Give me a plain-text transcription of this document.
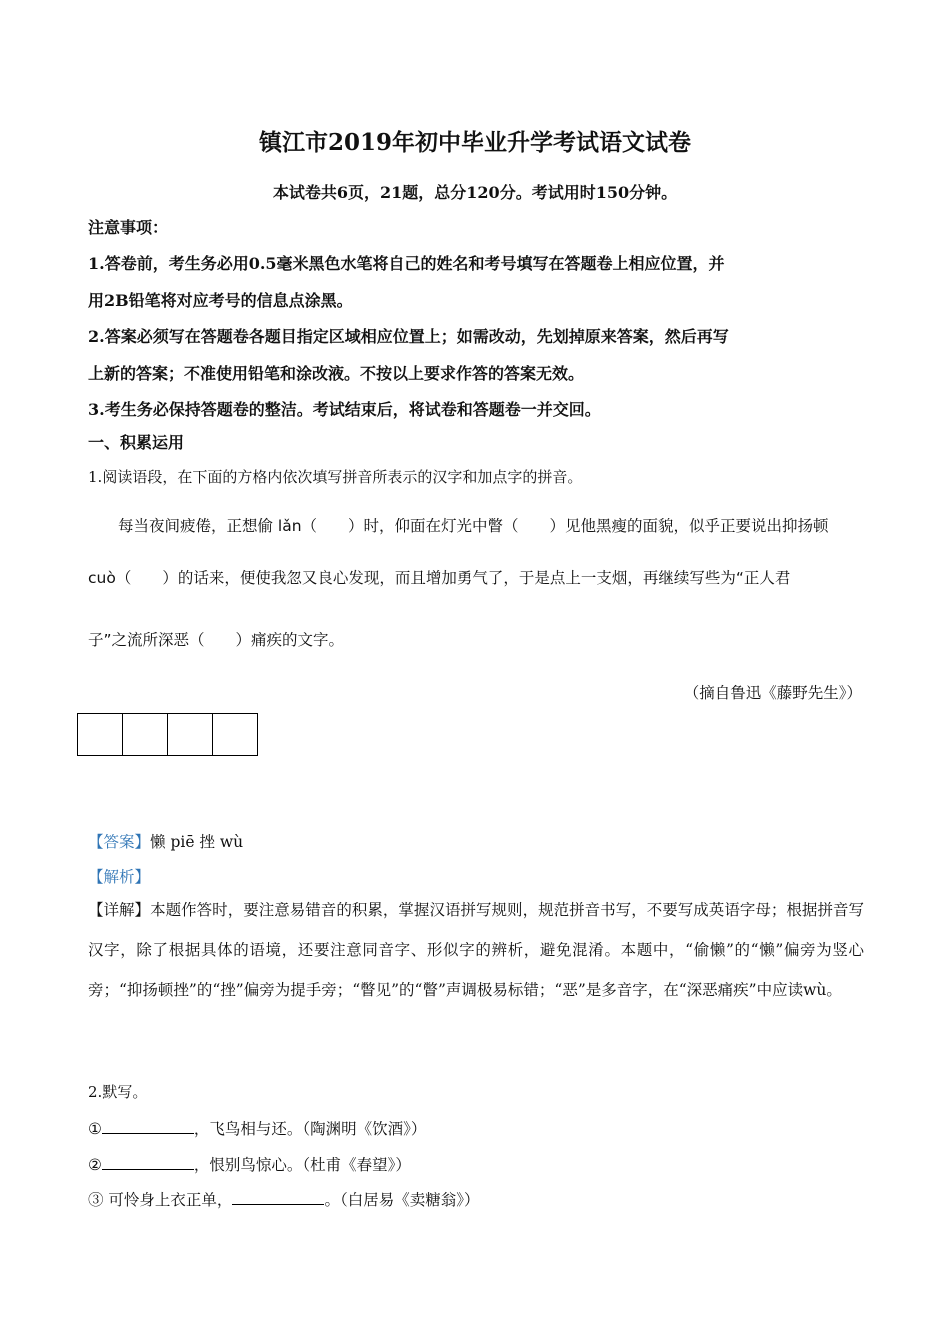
镇江市2019年初中毕业升学考试语文试卷
本试卷共6页，21题，总分120分。考试用时150分钟。
注意事项：
1.答卷前，考生务必用0.5毫米黑色水笔将自己的姓名和考号填写在答题卷上相应位置，并
用2B铅笔将对应考号的信息点涂黑。
2.答案必须写在答题卷各题目指定区域相应位置上；如需改动，先划掉原来答案，然后再写
上新的答案；不准使用铅笔和涂改液。不按以上要求作答的答案无效。
3.考生务必保持答题卷的整洁。考试结束后，将试卷和答题卷一并交回。
一、积累运用
1.阅读语段，在下面的方格内依次填写拼音所表示的汉字和加点字的拼音。
每当夜间疲倦，正想偷 lǎn（　　）时，仰面在灯光中瞥（　　）见他黑瘦的面貌，似乎正要说出抑扬顿
cuò（　　）的话来，便使我忽又良心发现，而且增加勇气了，于是点上一支烟，再继续写些为“正人君
子”之流所深恶（　　）痛疾的文字。
（摘自鲁迅《藤野先生》）
【答案】懒 piē 挫 wù
【解析】
【详解】本题作答时，要注意易错音的积累，掌握汉语拼写规则，规范拼音书写，不要写成英语字母；根据拼音写汉字，除了根据具体的语境，还要注意同音字、形似字的辨析，避免混淆。本题中，“偷懒”的“懒”偏旁为竖心旁；“抑扬顿挫”的“挫”偏旁为提手旁；“瞥见”的“瞥”声调极易标错；“恶”是多音字，在“深恶痛疾”中应读wù。
2.默写。
①	，飞鸟相与还。（陶渊明《饮酒》）
②	，恨别鸟惊心。（杜甫《春望》）
③ 可怜身上衣正单，	。（白居易《卖糖翁》）
